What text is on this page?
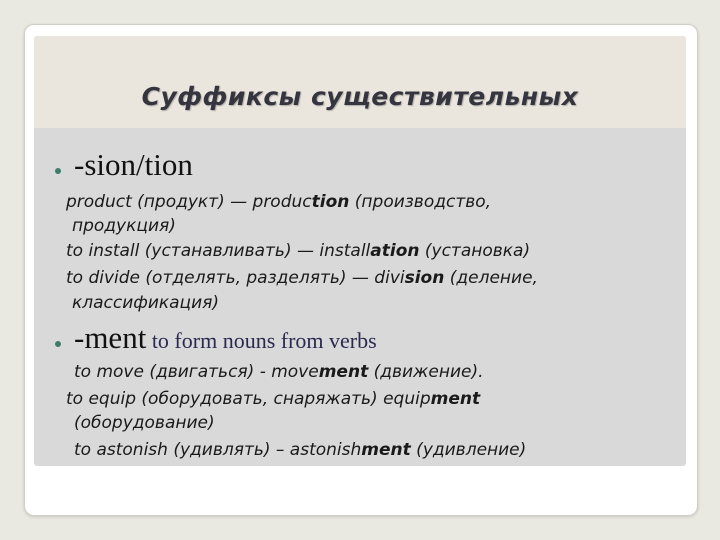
Суффиксы существительных
-sion/tion
product (продукт) — production (производство,
продукция)
to install (устанавливать) — installation (установка)
to divide (отделять, разделять) — division (деление,
классификация)
-ment to form nouns from verbs
to move (двигаться) - movement (движение).
to equip (оборудовать, снаряжать) equipment
(оборудование)
to astonish (удивлять) – astonishment (удивление)
